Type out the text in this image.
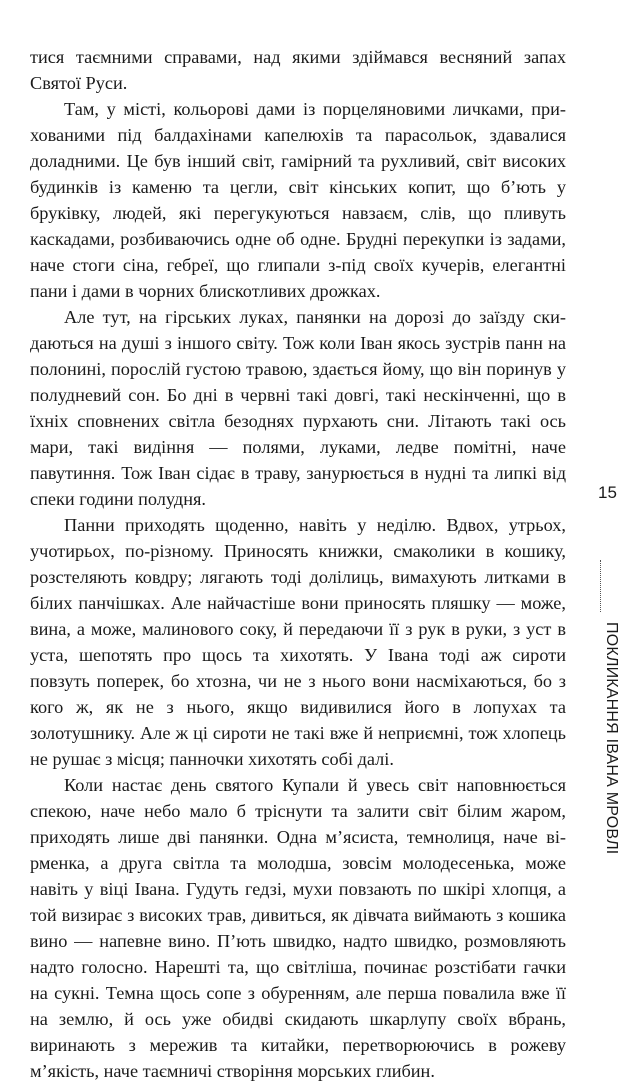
тися таємними справами, над якими здіймався весняний запах Святої Руси.

Там, у місті, кольорові дами із порцеляновими личками, прихованими під балдахінами капелюхів та парасольок, здавалися доладними. Це був інший світ, гамірний та рухливий, світ високих будинків із каменю та цегли, світ кінських копит, що б’ють у бруківку, людей, які перегукуються навзаєм, слів, що пливуть каскадами, розбиваючись одне об одне. Брудні перекупки із задами, наче стоги сіна, гебреї, що глипали з-під своїх кучерів, елегантні пани і дами в чорних блискотливих дрожках.

Але тут, на гірських луках, панянки на дорозі до заїзду скидаються на душі з іншого світу. Тож коли Іван якось зустрів панн на полонині, порослій густою травою, здається йому, що він поринув у полудневий сон. Бо дні в червні такі довгі, такі нескінченні, що в їхніх сповнених світла безоднях пурхають сни. Літають такі ось мари, такі видіння — полями, луками, ледве помітні, наче павутиння. Тож Іван сідає в траву, занурюється в нудні та липкі від спеки години полудня.

Панни приходять щоденно, навіть у неділю. Вдвох, утрьох, учотирьох, по-різному. Приносять книжки, смаколики в кошику, розстеляють ковдру; лягають тоді долілиць, вимахують литками в білих панчішках. Але найчастіше вони приносять пляшку — може, вина, а може, малинового соку, й передаючи її з рук в руки, з уст в уста, шепотять про щось та хихотять. У Івана тоді аж сироти повзуть поперек, бо хтозна, чи не з нього вони насміхаються, бо з кого ж, як не з нього, якщо видивилися його в лопухах та золотушнику. Але ж ці сироти не такі вже й неприємні, тож хлопець не рушає з місця; панночки хихотять собі далі.

Коли настає день святого Купали й увесь світ наповнюється спекою, наче небо мало б тріснути та залити світ білим жаром, приходять лише дві панянки. Одна м’ясиста, темнолиця, наче вірменка, а друга світла та молодша, зовсім молодесенька, може навіть у віці Івана. Гудуть гедзі, мухи повзають по шкірі хлопця, а той визирає з високих трав, дивиться, як дівчата виймають з кошика вино — напевне вино. П’ють швидко, надто швидко, розмовляють надто голосно. Нарешті та, що світліша, починає розстібати гачки на сукні. Темна щось сопе з обуренням, але перша повалила вже її на землю, й ось уже обидві скидають шкарлупу своїх вбрань, виринають з мережив та китайки, перетворюючись в рожеву м’якість, наче таємничі створіння морських глибин.

15
ПОКЛИКАННЯ ІВАНА МРОВЛІ
